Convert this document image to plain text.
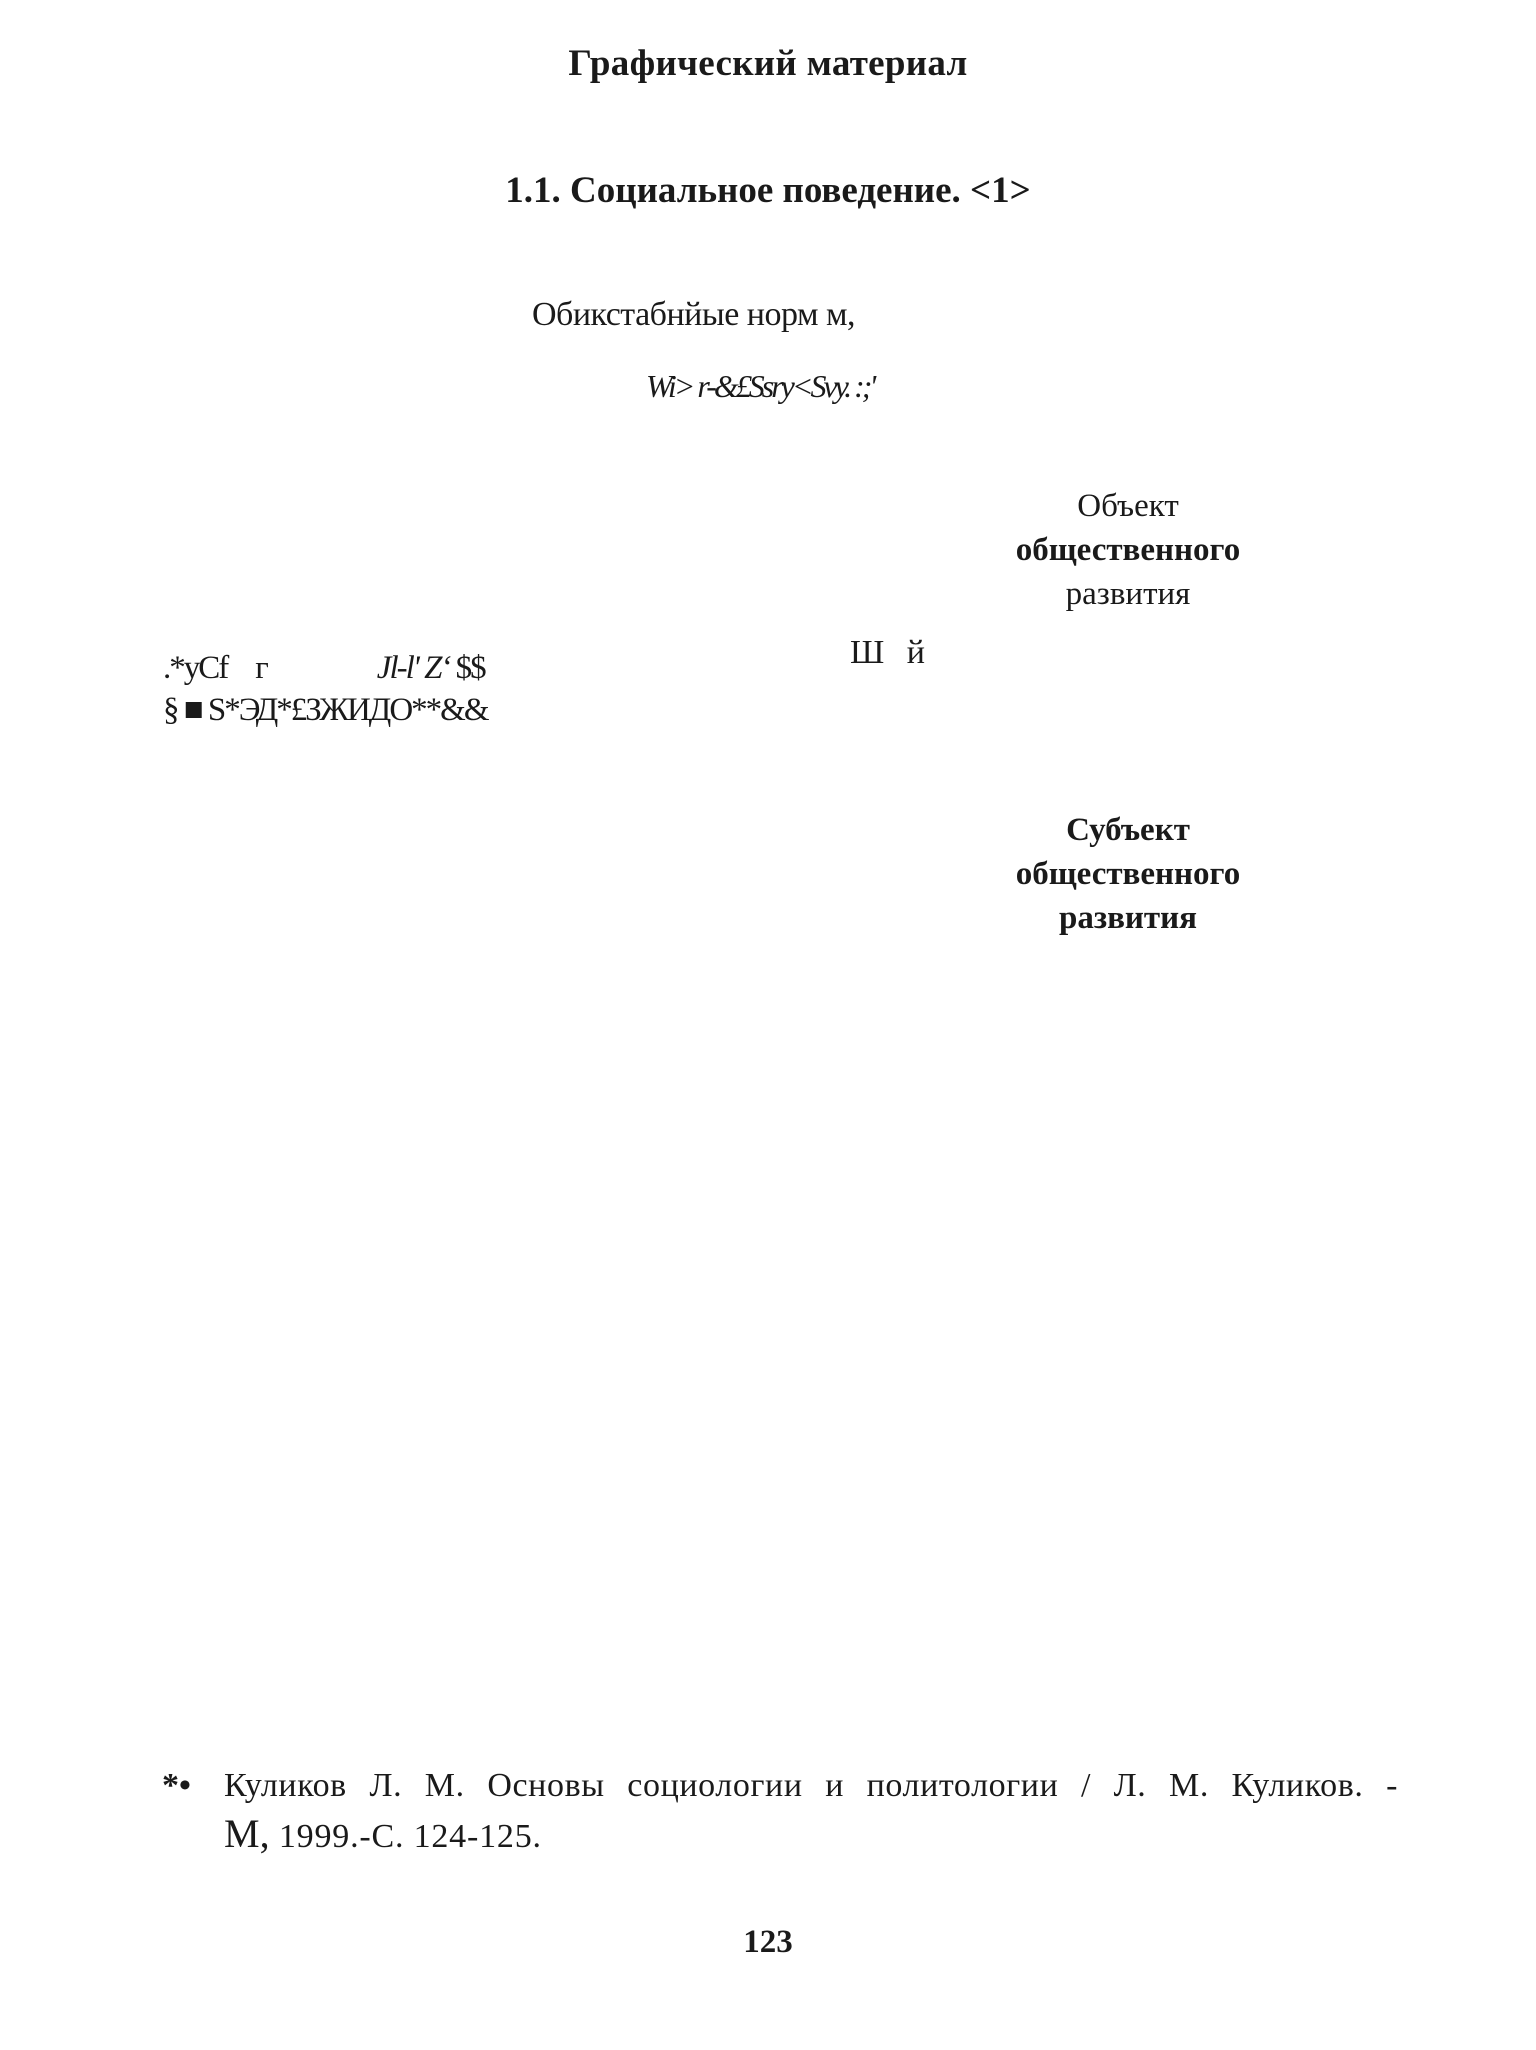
Графический материал
1.1. Социальное поведение. <1>
Обикстабнйые норм м,
Wi> r-&£Ssry<Svy. :;'
Объект
общественного
развития
Ш й
.*yCf г	Jl-l' Z‘ $$
§ ■ S*ЭД*£ЗЖИДО**&&
Субъект
общественного
развития
*• Куликов Л. М. Основы социологии и политологии / Л. М. Куликов. -
М, 1999.-С. 124-125.
123
